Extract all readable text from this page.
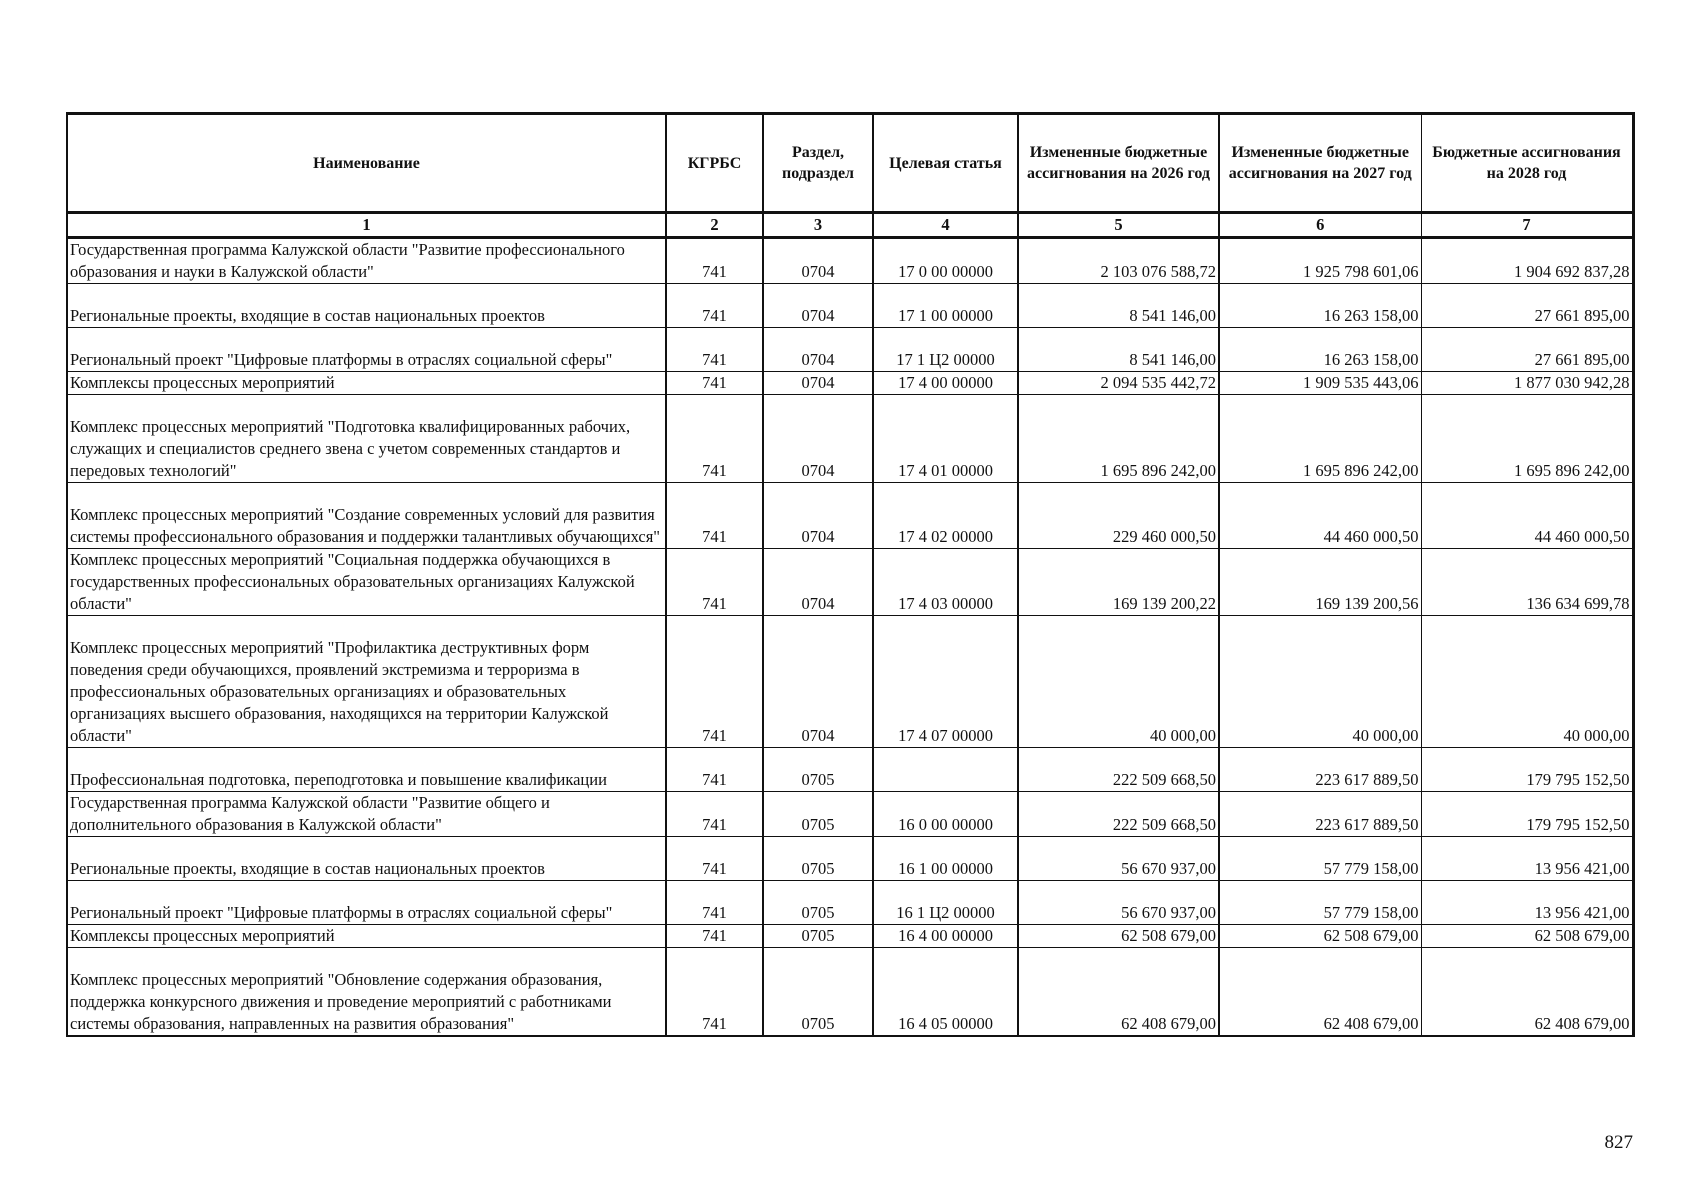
Наименование	КГРБС	Раздел, подраздел	Целевая статья	Измененные бюджетные ассигнования на 2026 год	Измененные бюджетные ассигнования на 2027 год	Бюджетные ассигнования на 2028 год
1	2	3	4	5	6	7
Государственная программа Калужской области "Развитие профессионального образования и науки в Калужской области"	741	0704	17 0 00 00000	2 103 076 588,72	1 925 798 601,06	1 904 692 837,28
Региональные проекты, входящие в состав национальных проектов	741	0704	17 1 00 00000	8 541 146,00	16 263 158,00	27 661 895,00
Региональный проект "Цифровые платформы в отраслях социальной сферы"	741	0704	17 1 Ц2 00000	8 541 146,00	16 263 158,00	27 661 895,00
Комплексы процессных мероприятий	741	0704	17 4 00 00000	2 094 535 442,72	1 909 535 443,06	1 877 030 942,28
Комплекс процессных мероприятий "Подготовка квалифицированных рабочих, служащих и специалистов среднего звена с учетом современных стандартов и передовых технологий"	741	0704	17 4 01 00000	1 695 896 242,00	1 695 896 242,00	1 695 896 242,00
Комплекс процессных мероприятий "Создание современных условий для развития системы профессионального образования и поддержки талантливых обучающихся"	741	0704	17 4 02 00000	229 460 000,50	44 460 000,50	44 460 000,50
Комплекс процессных мероприятий "Социальная поддержка обучающихся в государственных профессиональных образовательных организациях Калужской области"	741	0704	17 4 03 00000	169 139 200,22	169 139 200,56	136 634 699,78
Комплекс процессных мероприятий "Профилактика деструктивных форм поведения среди обучающихся, проявлений экстремизма и терроризма в профессиональных образовательных организациях и образовательных организациях высшего образования, находящихся на территории Калужской области"	741	0704	17 4 07 00000	40 000,00	40 000,00	40 000,00
Профессиональная подготовка, переподготовка и повышение квалификации	741	0705		222 509 668,50	223 617 889,50	179 795 152,50
Государственная программа Калужской области "Развитие общего и дополнительного образования в Калужской области"	741	0705	16 0 00 00000	222 509 668,50	223 617 889,50	179 795 152,50
Региональные проекты, входящие в состав национальных проектов	741	0705	16 1 00 00000	56 670 937,00	57 779 158,00	13 956 421,00
Региональный проект "Цифровые платформы в отраслях социальной сферы"	741	0705	16 1 Ц2 00000	56 670 937,00	57 779 158,00	13 956 421,00
Комплексы процессных мероприятий	741	0705	16 4 00 00000	62 508 679,00	62 508 679,00	62 508 679,00
Комплекс процессных мероприятий "Обновление содержания образования, поддержка конкурсного движения и проведение мероприятий с работниками системы образования, направленных на развития образования"	741	0705	16 4 05 00000	62 408 679,00	62 408 679,00	62 408 679,00
827
